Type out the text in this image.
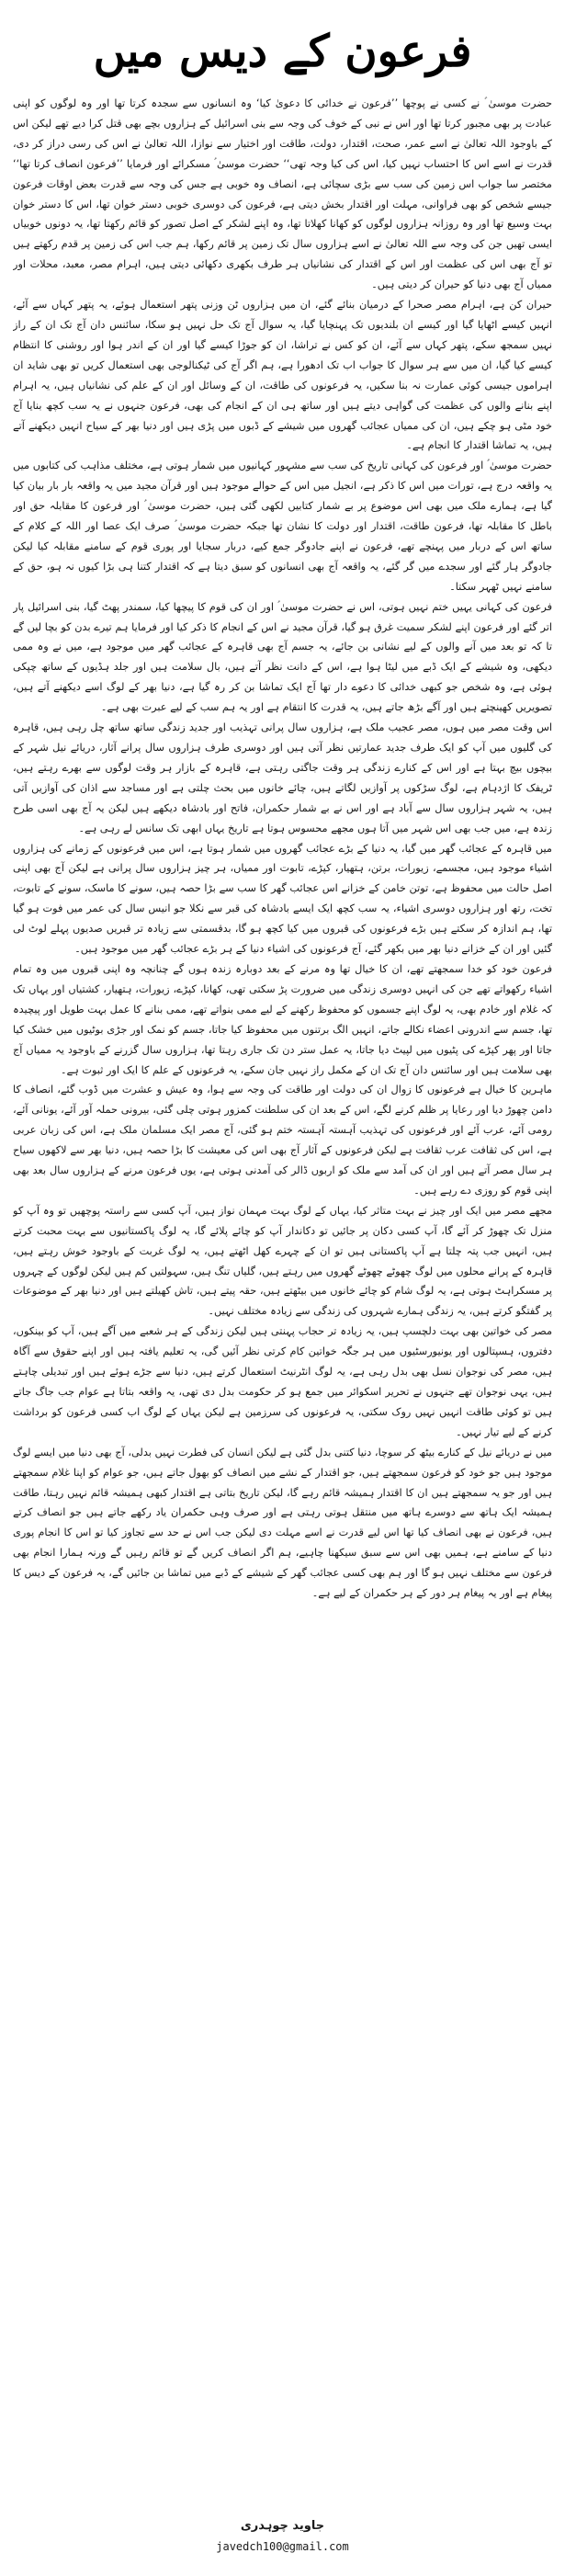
فرعون کے دیس میں

حضرت موسیٰ ؑ نے کسی نے پوچھا ’’فرعون نے خدائی کا دعویٰ کیا‘ وہ انسانوں سے سجدہ کرتا تھا اور وہ لوگوں کو اپنی عبادت پر بھی مجبور کرتا تھا اور اس نے نبی کے خوف کی وجہ سے بنی اسرائیل کے ہزاروں بچے بھی قتل کرا دیے تھے لیکن اس کے باوجود اللہ تعالیٰ نے اسے عمر، صحت، اقتدار، دولت، طاقت اور اختیار سے نوازا، اللہ تعالیٰ نے اس کی رسی دراز کر دی، قدرت نے اسے اس کا احتساب نہیں کیا، اس کی کیا وجہ تھی‘‘ حضرت موسیٰ ؑ مسکرائے اور فرمایا ’’فرعون انصاف کرتا تھا‘‘ مختصر سا جواب اس زمین کی سب سے بڑی سچائی ہے، انصاف وہ خوبی ہے جس کی وجہ سے قدرت بعض اوقات فرعون جیسے شخص کو بھی فراوانی، مہلت اور اقتدار بخش دیتی ہے، فرعون کی دوسری خوبی دستر خوان تھا، اس کا دستر خوان بہت وسیع تھا اور وہ روزانہ ہزاروں لوگوں کو کھانا کھلاتا تھا، وہ اپنے لشکر کے اصل تصور کو قائم رکھتا تھا، یہ دونوں خوبیاں ایسی تھیں جن کی وجہ سے اللہ تعالیٰ نے اسے ہزاروں سال تک زمین پر قائم رکھا، ہم جب اس کی زمین پر قدم رکھتے ہیں تو آج بھی اس کی عظمت اور اس کے اقتدار کی نشانیاں ہر طرف بکھری دکھائی دیتی ہیں، اہرام مصر، معبد، محلات اور ممیاں آج بھی دنیا کو حیران کر دیتی ہیں۔

حیران کن ہے، اہرام مصر صحرا کے درمیان بنائے گئے، ان میں ہزاروں ٹن وزنی پتھر استعمال ہوئے، یہ پتھر کہاں سے آئے، انہیں کیسے اٹھایا گیا اور کیسے ان بلندیوں تک پہنچایا گیا، یہ سوال آج تک حل نہیں ہو سکا، سائنس دان آج تک ان کے راز نہیں سمجھ سکے، پتھر کہاں سے آئے، ان کو کس نے تراشا، ان کو جوڑا کیسے گیا اور ان کے اندر ہوا اور روشنی کا انتظام کیسے کیا گیا، ان میں سے ہر سوال کا جواب اب تک ادھورا ہے، ہم اگر آج کی ٹیکنالوجی بھی استعمال کریں تو بھی شاید ان اہراموں جیسی کوئی عمارت نہ بنا سکیں، یہ فرعونوں کی طاقت، ان کے وسائل اور ان کے علم کی نشانیاں ہیں، یہ اہرام اپنے بنانے والوں کی عظمت کی گواہی دیتے ہیں اور ساتھ ہی ان کے انجام کی بھی، فرعون جنہوں نے یہ سب کچھ بنایا آج خود مٹی ہو چکے ہیں، ان کی ممیاں عجائب گھروں میں شیشے کے ڈبوں میں پڑی ہیں اور دنیا بھر کے سیاح انہیں دیکھنے آتے ہیں، یہ تماشا اقتدار کا انجام ہے۔

حضرت موسیٰ ؑ اور فرعون کی کہانی تاریخ کی سب سے مشہور کہانیوں میں شمار ہوتی ہے، مختلف مذاہب کی کتابوں میں یہ واقعہ درج ہے، تورات میں اس کا ذکر ہے، انجیل میں اس کے حوالے موجود ہیں اور قرآن مجید میں یہ واقعہ بار بار بیان کیا گیا ہے، ہمارے ملک میں بھی اس موضوع پر بے شمار کتابیں لکھی گئی ہیں، حضرت موسیٰ ؑ اور فرعون کا مقابلہ حق اور باطل کا مقابلہ تھا، فرعون طاقت، اقتدار اور دولت کا نشان تھا جبکہ حضرت موسیٰ ؑ صرف ایک عصا اور اللہ کے کلام کے ساتھ اس کے دربار میں پہنچے تھے، فرعون نے اپنے جادوگر جمع کیے، دربار سجایا اور پوری قوم کے سامنے مقابلہ کیا لیکن جادوگر ہار گئے اور سجدے میں گر گئے، یہ واقعہ آج بھی انسانوں کو سبق دیتا ہے کہ اقتدار کتنا ہی بڑا کیوں نہ ہو، حق کے سامنے نہیں ٹھہر سکتا۔

فرعون کی کہانی یہیں ختم نہیں ہوتی، اس نے حضرت موسیٰ ؑ اور ان کی قوم کا پیچھا کیا، سمندر پھٹ گیا، بنی اسرائیل پار اتر گئے اور فرعون اپنے لشکر سمیت غرق ہو گیا، قرآن مجید نے اس کے انجام کا ذکر کیا اور فرمایا ہم تیرے بدن کو بچا لیں گے تا کہ تو بعد میں آنے والوں کے لیے نشانی بن جائے، یہ جسم آج بھی قاہرہ کے عجائب گھر میں موجود ہے، میں نے وہ ممی دیکھی، وہ شیشے کے ایک ڈبے میں لیٹا ہوا ہے، اس کے دانت نظر آتے ہیں، بال سلامت ہیں اور جلد ہڈیوں کے ساتھ چپکی ہوئی ہے، وہ شخص جو کبھی خدائی کا دعوے دار تھا آج ایک تماشا بن کر رہ گیا ہے، دنیا بھر کے لوگ اسے دیکھنے آتے ہیں، تصویریں کھینچتے ہیں اور آگے بڑھ جاتے ہیں، یہ قدرت کا انتقام ہے اور یہ ہم سب کے لیے عبرت بھی ہے۔

اس وقت مصر میں ہوں، مصر عجیب ملک ہے، ہزاروں سال پرانی تہذیب اور جدید زندگی ساتھ ساتھ چل رہی ہیں، قاہرہ کی گلیوں میں آپ کو ایک طرف جدید عمارتیں نظر آتی ہیں اور دوسری طرف ہزاروں سال پرانے آثار، دریائے نیل شہر کے بیچوں بیچ بہتا ہے اور اس کے کنارے زندگی ہر وقت جاگتی رہتی ہے، قاہرہ کے بازار ہر وقت لوگوں سے بھرے رہتے ہیں، ٹریفک کا اژدہام ہے، لوگ سڑکوں پر آوازیں لگاتے ہیں، چائے خانوں میں بحث چلتی ہے اور مساجد سے اذان کی آوازیں آتی ہیں، یہ شہر ہزاروں سال سے آباد ہے اور اس نے بے شمار حکمران، فاتح اور بادشاہ دیکھے ہیں لیکن یہ آج بھی اسی طرح زندہ ہے، میں جب بھی اس شہر میں آتا ہوں مجھے محسوس ہوتا ہے تاریخ یہاں ابھی تک سانس لے رہی ہے۔

میں قاہرہ کے عجائب گھر میں گیا، یہ دنیا کے بڑے عجائب گھروں میں شمار ہوتا ہے، اس میں فرعونوں کے زمانے کی ہزاروں اشیاء موجود ہیں، مجسمے، زیورات، برتن، ہتھیار، کپڑے، تابوت اور ممیاں، ہر چیز ہزاروں سال پرانی ہے لیکن آج بھی اپنی اصل حالت میں محفوظ ہے، توتن خامن کے خزانے اس عجائب گھر کا سب سے بڑا حصہ ہیں، سونے کا ماسک، سونے کے تابوت، تخت، رتھ اور ہزاروں دوسری اشیاء، یہ سب کچھ ایک ایسے بادشاہ کی قبر سے نکلا جو انیس سال کی عمر میں فوت ہو گیا تھا، ہم اندازہ کر سکتے ہیں بڑے فرعونوں کی قبروں میں کیا کچھ ہو گا، بدقسمتی سے زیادہ تر قبریں صدیوں پہلے لوٹ لی گئیں اور ان کے خزانے دنیا بھر میں بکھر گئے، آج فرعونوں کی اشیاء دنیا کے ہر بڑے عجائب گھر میں موجود ہیں۔

فرعون خود کو خدا سمجھتے تھے، ان کا خیال تھا وہ مرنے کے بعد دوبارہ زندہ ہوں گے چنانچہ وہ اپنی قبروں میں وہ تمام اشیاء رکھواتے تھے جن کی انہیں دوسری زندگی میں ضرورت پڑ سکتی تھی، کھانا، کپڑے، زیورات، ہتھیار، کشتیاں اور یہاں تک کہ غلام اور خادم بھی، یہ لوگ اپنے جسموں کو محفوظ رکھنے کے لیے ممی بنواتے تھے، ممی بنانے کا عمل بہت طویل اور پیچیدہ تھا، جسم سے اندرونی اعضاء نکالے جاتے، انہیں الگ برتنوں میں محفوظ کیا جاتا، جسم کو نمک اور جڑی بوٹیوں میں خشک کیا جاتا اور پھر کپڑے کی پٹیوں میں لپیٹ دیا جاتا، یہ عمل ستر دن تک جاری رہتا تھا، ہزاروں سال گزرنے کے باوجود یہ ممیاں آج بھی سلامت ہیں اور سائنس دان آج تک ان کے مکمل راز نہیں جان سکے، یہ فرعونوں کے علم کا ایک اور ثبوت ہے۔

ماہرین کا خیال ہے فرعونوں کا زوال ان کی دولت اور طاقت کی وجہ سے ہوا، وہ عیش و عشرت میں ڈوب گئے، انصاف کا دامن چھوڑ دیا اور رعایا پر ظلم کرنے لگے، اس کے بعد ان کی سلطنت کمزور ہوتی چلی گئی، بیرونی حملہ آور آئے، یونانی آئے، رومی آئے، عرب آئے اور فرعونوں کی تہذیب آہستہ آہستہ ختم ہو گئی، آج مصر ایک مسلمان ملک ہے، اس کی زبان عربی ہے، اس کی ثقافت عرب ثقافت ہے لیکن فرعونوں کے آثار آج بھی اس کی معیشت کا بڑا حصہ ہیں، دنیا بھر سے لاکھوں سیاح ہر سال مصر آتے ہیں اور ان کی آمد سے ملک کو اربوں ڈالر کی آمدنی ہوتی ہے، یوں فرعون مرنے کے ہزاروں سال بعد بھی اپنی قوم کو روزی دے رہے ہیں۔

مجھے مصر میں ایک اور چیز نے بہت متاثر کیا، یہاں کے لوگ بہت مہمان نواز ہیں، آپ کسی سے راستہ پوچھیں تو وہ آپ کو منزل تک چھوڑ کر آئے گا، آپ کسی دکان پر جائیں تو دکاندار آپ کو چائے پلائے گا، یہ لوگ پاکستانیوں سے بہت محبت کرتے ہیں، انہیں جب پتہ چلتا ہے آپ پاکستانی ہیں تو ان کے چہرے کھل اٹھتے ہیں، یہ لوگ غربت کے باوجود خوش رہتے ہیں، قاہرہ کے پرانے محلوں میں لوگ چھوٹے چھوٹے گھروں میں رہتے ہیں، گلیاں تنگ ہیں، سہولتیں کم ہیں لیکن لوگوں کے چہروں پر مسکراہٹ ہوتی ہے، یہ لوگ شام کو چائے خانوں میں بیٹھتے ہیں، حقہ پیتے ہیں، تاش کھیلتے ہیں اور دنیا بھر کے موضوعات پر گفتگو کرتے ہیں، یہ زندگی ہمارے شہروں کی زندگی سے زیادہ مختلف نہیں۔

مصر کی خواتین بھی بہت دلچسپ ہیں، یہ زیادہ تر حجاب پہنتی ہیں لیکن زندگی کے ہر شعبے میں آگے ہیں، آپ کو بینکوں، دفتروں، ہسپتالوں اور یونیورسٹیوں میں ہر جگہ خواتین کام کرتی نظر آئیں گی، یہ تعلیم یافتہ ہیں اور اپنے حقوق سے آگاہ ہیں، مصر کی نوجوان نسل بھی بدل رہی ہے، یہ لوگ انٹرنیٹ استعمال کرتے ہیں، دنیا سے جڑے ہوئے ہیں اور تبدیلی چاہتے ہیں، یہی نوجوان تھے جنہوں نے تحریر اسکوائر میں جمع ہو کر حکومت بدل دی تھی، یہ واقعہ بتاتا ہے عوام جب جاگ جاتے ہیں تو کوئی طاقت انہیں نہیں روک سکتی، یہ فرعونوں کی سرزمین ہے لیکن یہاں کے لوگ اب کسی فرعون کو برداشت کرنے کے لیے تیار نہیں۔

میں نے دریائے نیل کے کنارے بیٹھ کر سوچا، دنیا کتنی بدل گئی ہے لیکن انسان کی فطرت نہیں بدلی، آج بھی دنیا میں ایسے لوگ موجود ہیں جو خود کو فرعون سمجھتے ہیں، جو اقتدار کے نشے میں انصاف کو بھول جاتے ہیں، جو عوام کو اپنا غلام سمجھتے ہیں اور جو یہ سمجھتے ہیں ان کا اقتدار ہمیشہ قائم رہے گا، لیکن تاریخ بتاتی ہے اقتدار کبھی ہمیشہ قائم نہیں رہتا، طاقت ہمیشہ ایک ہاتھ سے دوسرے ہاتھ میں منتقل ہوتی رہتی ہے اور صرف وہی حکمران یاد رکھے جاتے ہیں جو انصاف کرتے ہیں، فرعون نے بھی انصاف کیا تھا اس لیے قدرت نے اسے مہلت دی لیکن جب اس نے حد سے تجاوز کیا تو اس کا انجام پوری دنیا کے سامنے ہے، ہمیں بھی اس سے سبق سیکھنا چاہیے، ہم اگر انصاف کریں گے تو قائم رہیں گے ورنہ ہمارا انجام بھی فرعون سے مختلف نہیں ہو گا اور ہم بھی کسی عجائب گھر کے شیشے کے ڈبے میں تماشا بن جائیں گے، یہ فرعون کے دیس کا پیغام ہے اور یہ پیغام ہر دور کے ہر حکمران کے لیے ہے۔

جاوید چوہدری
javedch100@gmail.com
